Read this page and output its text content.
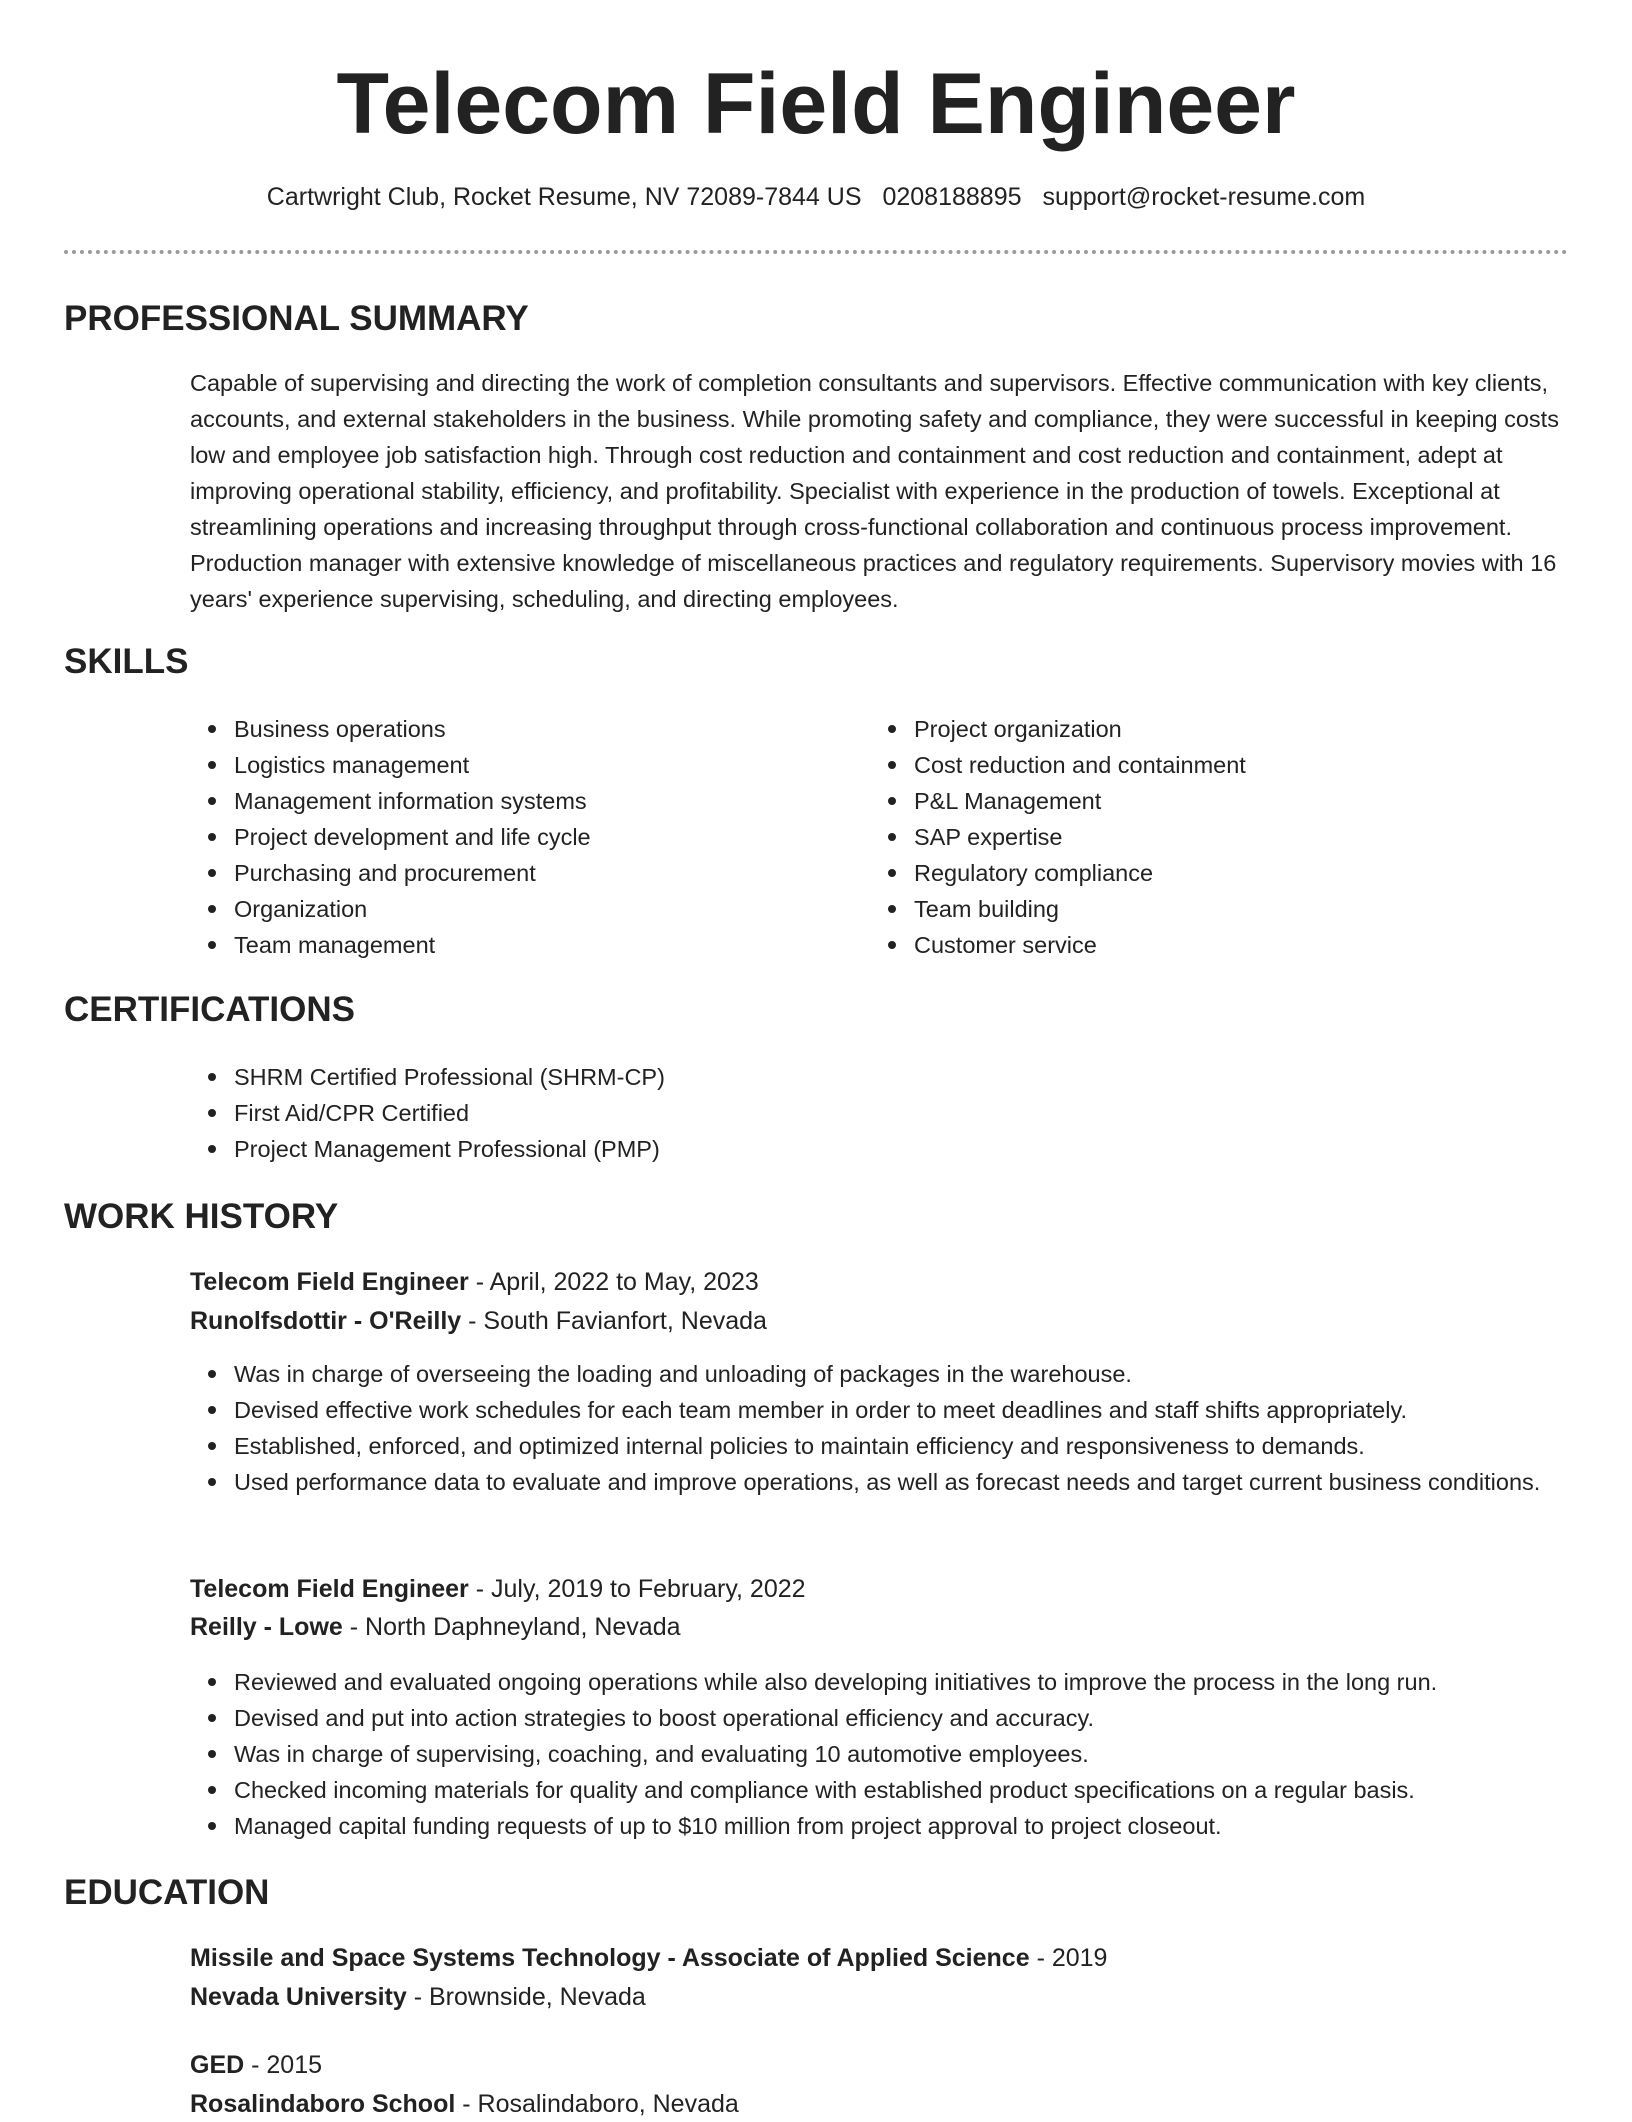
Telecom Field Engineer
Cartwright Club, Rocket Resume, NV 72089-7844 US 0208188895 support@rocket-resume.com
PROFESSIONAL SUMMARY

Capable of supervising and directing the work of completion consultants and supervisors. Effective communication with key clients, accounts, and external stakeholders in the business. While promoting safety and compliance, they were successful in keeping costs low and employee job satisfaction high. Through cost reduction and containment and cost reduction and containment, adept at improving operational stability, efficiency, and profitability. Specialist with experience in the production of towels. Exceptional at streamlining operations and increasing throughput through cross-functional collaboration and continuous process improvement. Production manager with extensive knowledge of miscellaneous practices and regulatory requirements. Supervisory movies with 16 years' experience supervising, scheduling, and directing employees.

SKILLS
Business operations
Logistics management
Management information systems
Project development and life cycle
Purchasing and procurement
Organization
Team management
Project organization
Cost reduction and containment
P&L Management
SAP expertise
Regulatory compliance
Team building
Customer service
CERTIFICATIONS
SHRM Certified Professional (SHRM-CP)
First Aid/CPR Certified
Project Management Professional (PMP)
WORK HISTORY
Telecom Field Engineer - April, 2022 to May, 2023
Runolfsdottir - O'Reilly - South Favianfort, Nevada
Was in charge of overseeing the loading and unloading of packages in the warehouse.
Devised effective work schedules for each team member in order to meet deadlines and staff shifts appropriately.
Established, enforced, and optimized internal policies to maintain efficiency and responsiveness to demands.
Used performance data to evaluate and improve operations, as well as forecast needs and target current business conditions.
Telecom Field Engineer - July, 2019 to February, 2022
Reilly - Lowe - North Daphneyland, Nevada
Reviewed and evaluated ongoing operations while also developing initiatives to improve the process in the long run.
Devised and put into action strategies to boost operational efficiency and accuracy.
Was in charge of supervising, coaching, and evaluating 10 automotive employees.
Checked incoming materials for quality and compliance with established product specifications on a regular basis.
Managed capital funding requests of up to $10 million from project approval to project closeout.
EDUCATION
Missile and Space Systems Technology - Associate of Applied Science - 2019
Nevada University - Brownside, Nevada
GED - 2015
Rosalindaboro School - Rosalindaboro, Nevada
